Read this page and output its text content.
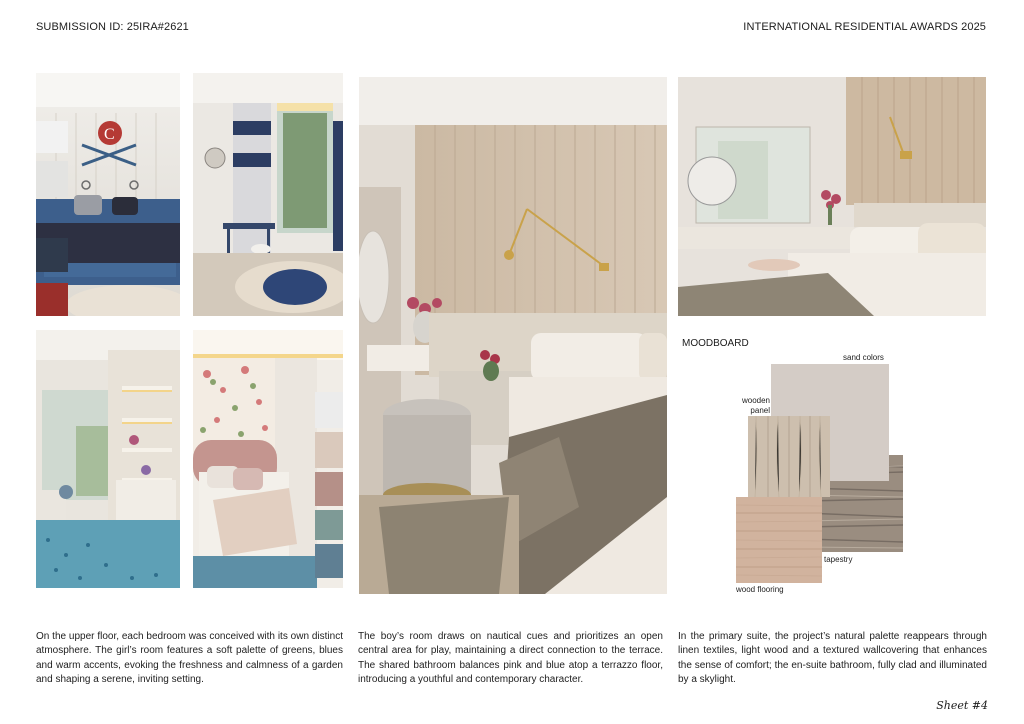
SUBMISSION ID: 25IRA#2621	INTERNATIONAL RESIDENTIAL AWARDS 2025
C
MOODBOARD
sand colors
wooden panel
tapestry
wood flooring
On the upper floor, each bedroom was conceived with its own distinct atmosphere. The girl’s room features a soft palette of greens, blues and warm accents, evoking the freshness and calmness of a garden and shaping a serene, inviting setting.
The boy’s room draws on nautical cues and prioritizes an open central area for play, maintaining a direct connection to the terrace. The shared bathroom balances pink and blue atop a terrazzo floor, introducing a youthful and contemporary character.
In the primary suite, the project’s natural palette reappears through linen textiles, light wood and a textured wallcovering that enhances the sense of comfort; the en-suite bathroom, fully clad and illuminated by a skylight.
Sheet #4
